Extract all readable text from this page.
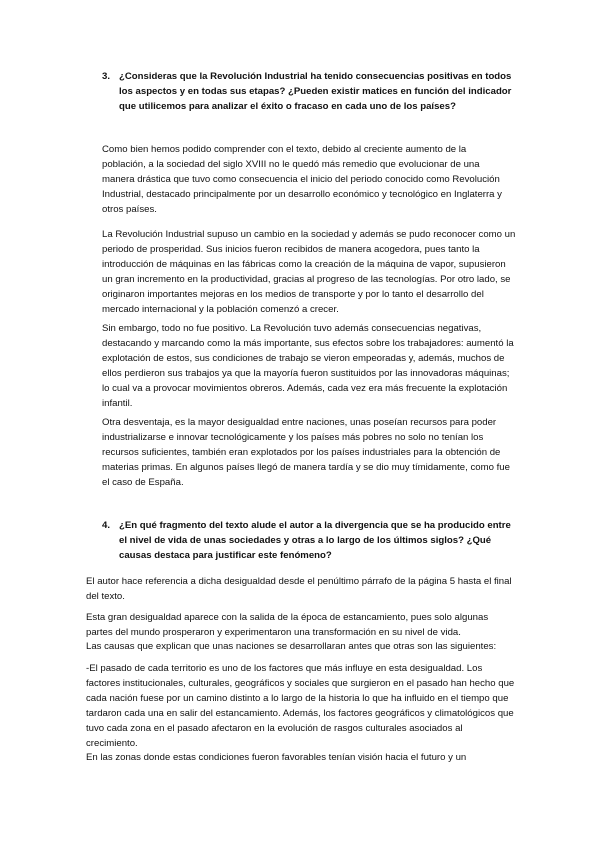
3. ¿Consideras que la Revolución Industrial ha tenido consecuencias positivas en todos los aspectos y en todas sus etapas? ¿Pueden existir matices en función del indicador que utilicemos para analizar el éxito o fracaso en cada uno de los países?

Como bien hemos podido comprender con el texto, debido al creciente aumento de la población, a la sociedad del siglo XVIII no le quedó más remedio que evolucionar de una manera drástica que tuvo como consecuencia el inicio del periodo conocido como Revolución Industrial, destacado principalmente por un desarrollo económico y tecnológico en Inglaterra y otros países.

La Revolución Industrial supuso un cambio en la sociedad y además se pudo reconocer como un periodo de prosperidad. Sus inicios fueron recibidos de manera acogedora, pues tanto la introducción de máquinas en las fábricas como la creación de la máquina de vapor, supusieron un gran incremento en la productividad, gracias al progreso de las tecnologías. Por otro lado, se originaron importantes mejoras en los medios de transporte y por lo tanto el desarrollo del mercado internacional y la población comenzó a crecer.

Sin embargo, todo no fue positivo. La Revolución tuvo además consecuencias negativas, destacando y marcando como la más importante, sus efectos sobre los trabajadores: aumentó la explotación de estos, sus condiciones de trabajo se vieron empeoradas y, además, muchos de ellos perdieron sus trabajos ya que la mayoría fueron sustituidos por las innovadoras máquinas; lo cual va a provocar movimientos obreros. Además, cada vez era más frecuente la explotación infantil.

Otra desventaja, es la mayor desigualdad entre naciones, unas poseían recursos para poder industrializarse e innovar tecnológicamente y los países más pobres no solo no tenían los recursos suficientes, también eran explotados por los países industriales para la obtención de materias primas. En algunos países llegó de manera tardía y se dio muy tímidamente, como fue el caso de España.

4. ¿En qué fragmento del texto alude el autor a la divergencia que se ha producido entre el nivel de vida de unas sociedades y otras a lo largo de los últimos siglos? ¿Qué causas destaca para justificar este fenómeno?

El autor hace referencia a dicha desigualdad desde el penúltimo párrafo de la página 5 hasta el final del texto.

Esta gran desigualdad aparece con la salida de la época de estancamiento, pues solo algunas partes del mundo prosperaron y experimentaron una transformación en su nivel de vida.

Las causas que explican que unas naciones se desarrollaran antes que otras son las siguientes:

-El pasado de cada territorio es uno de los factores que más influye en esta desigualdad. Los factores institucionales, culturales, geográficos y sociales que surgieron en el pasado han hecho que cada nación fuese por un camino distinto a lo largo de la historia lo que ha influido en el tiempo que tardaron cada una en salir del estancamiento. Además, los factores geográficos y climatológicos que tuvo cada zona en el pasado afectaron en la evolución de rasgos culturales asociados al crecimiento.

En las zonas donde estas condiciones fueron favorables tenían visión hacia el futuro y un
